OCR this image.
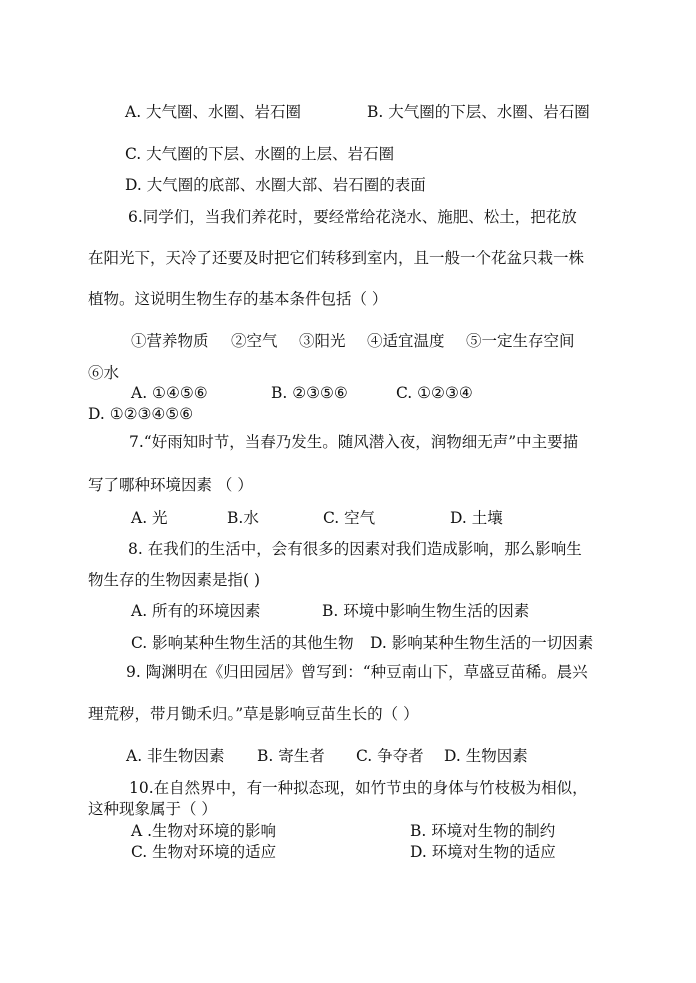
A. 大气圈、水圈、岩石圈	B. 大气圈的下层、水圈、岩石圈
C. 大气圈的下层、水圈的上层、岩石圈
D. 大气圈的底部、水圈大部、岩石圈的表面
6.同学们，当我们养花时，要经常给花浇水、施肥、松土，把花放
在阳光下，天冷了还要及时把它们转移到室内，且一般一个花盆只栽一株
植物。这说明生物生存的基本条件包括（ ）
①营养物质 ②空气 ③阳光 ④适宜温度 ⑤一定生存空间
⑥水
A. ①④⑤⑥	B. ②③⑤⑥	C. ①②③④
D. ①②③④⑤⑥
7.“好雨知时节，当春乃发生。随风潜入夜，润物细无声”中主要描
写了哪种环境因素 （ ）
A. 光	B.水	C. 空气	D. 土壤
8. 在我们的生活中，会有很多的因素对我们造成影响，那么影响生
物生存的生物因素是指( )
A. 所有的环境因素	B. 环境中影响生物生活的因素
C. 影响某种生物生活的其他生物 D. 影响某种生物生活的一切因素
9. 陶渊明在《归田园居》曾写到：“种豆南山下，草盛豆苗稀。晨兴
理荒秽，带月锄禾归。”草是影响豆苗生长的（ ）
A. 非生物因素 B. 寄生者 C. 争夺者 D. 生物因素
10.在自然界中，有一种拟态现，如竹节虫的身体与竹枝极为相似，
这种现象属于（ ）
A .生物对环境的影响	B. 环境对生物的制约
C. 生物对环境的适应	D. 环境对生物的适应
